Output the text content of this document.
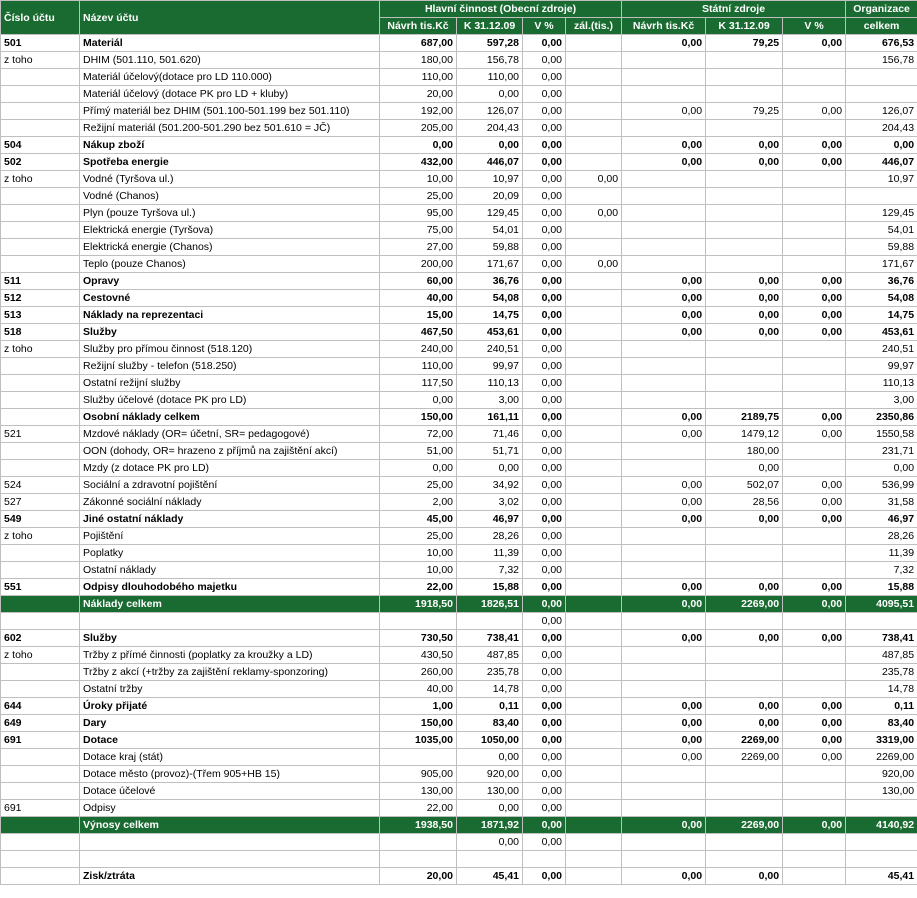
Číslo účtu	Název účtu	Hlavní činnost (Obecní zdroje)				Státní zdroje			Organizace
		Návrh tis.Kč	K 31.12.09	V %	zál.(tis.)	Návrh tis.Kč	K 31.12.09	V %	celkem
501	Materiál	687,00	597,28	0,00		0,00	79,25	0,00	676,53
z toho	DHIM (501.110, 501.620)	180,00	156,78	0,00					156,78
	Materiál účelový(dotace pro LD 110.000)	110,00	110,00	0,00					
	Materiál účelový (dotace PK pro LD + kluby)	20,00	0,00	0,00					
	Přímý materiál bez DHIM (501.100-501.199 bez 501.110)	192,00	126,07	0,00		0,00	79,25	0,00	126,07
	Režijní materiál (501.200-501.290 bez 501.610 = JČ)	205,00	204,43	0,00					204,43
504	Nákup zboží	0,00	0,00	0,00		0,00	0,00	0,00	0,00
502	Spotřeba energie	432,00	446,07	0,00		0,00	0,00	0,00	446,07
z toho	Vodné (Tyršova ul.)	10,00	10,97	0,00	0,00				10,97
	Vodné (Chanos)	25,00	20,09	0,00					
	Plyn (pouze Tyršova ul.)	95,00	129,45	0,00	0,00				129,45
	Elektrická energie (Tyršova)	75,00	54,01	0,00					54,01
	Elektrická energie (Chanos)	27,00	59,88	0,00					59,88
	Teplo (pouze Chanos)	200,00	171,67	0,00	0,00				171,67
511	Opravy	60,00	36,76	0,00		0,00	0,00	0,00	36,76
512	Cestovné	40,00	54,08	0,00		0,00	0,00	0,00	54,08
513	Náklady na reprezentaci	15,00	14,75	0,00		0,00	0,00	0,00	14,75
518	Služby	467,50	453,61	0,00		0,00	0,00	0,00	453,61
z toho	Služby pro přímou činnost (518.120)	240,00	240,51	0,00					240,51
	Režijní služby - telefon (518.250)	110,00	99,97	0,00					99,97
	Ostatní režijní služby	117,50	110,13	0,00					110,13
	Služby účelové (dotace PK pro LD)	0,00	3,00	0,00					3,00
	Osobní náklady celkem	150,00	161,11	0,00		0,00	2189,75	0,00	2350,86
521	Mzdové náklady (OR= účetní, SR= pedagogové)	72,00	71,46	0,00		0,00	1479,12	0,00	1550,58
	OON (dohody, OR= hrazeno z příjmů na zajištění akcí)	51,00	51,71	0,00			180,00		231,71
	Mzdy (z dotace PK pro LD)	0,00	0,00	0,00			0,00		0,00
524	Sociální a zdravotní pojištění	25,00	34,92	0,00		0,00	502,07	0,00	536,99
527	Zákonné sociální náklady	2,00	3,02	0,00		0,00	28,56	0,00	31,58
549	Jiné ostatní náklady	45,00	46,97	0,00		0,00	0,00	0,00	46,97
z toho	Pojištění	25,00	28,26	0,00					28,26
	Poplatky	10,00	11,39	0,00					11,39
	Ostatní náklady	10,00	7,32	0,00					7,32
551	Odpisy dlouhodobého majetku	22,00	15,88	0,00		0,00	0,00	0,00	15,88
	Náklady celkem	1918,50	1826,51	0,00		0,00	2269,00	0,00	4095,51
				0,00					
602	Služby	730,50	738,41	0,00		0,00	0,00	0,00	738,41
z toho	Tržby z přímé činnosti (poplatky za kroužky a LD)	430,50	487,85	0,00					487,85
	Tržby z akcí (+tržby za zajištění reklamy-sponzoring)	260,00	235,78	0,00					235,78
	Ostatní tržby	40,00	14,78	0,00					14,78
644	Úroky přijaté	1,00	0,11	0,00		0,00	0,00	0,00	0,11
649	Dary	150,00	83,40	0,00		0,00	0,00	0,00	83,40
691	Dotace	1035,00	1050,00	0,00		0,00	2269,00	0,00	3319,00
	Dotace kraj (stát)		0,00	0,00		0,00	2269,00	0,00	2269,00
	Dotace město (provoz)-(Třem 905+HB 15)	905,00	920,00	0,00					920,00
	Dotace účelové	130,00	130,00	0,00					130,00
691	Odpisy	22,00	0,00	0,00					
	Výnosy celkem	1938,50	1871,92	0,00		0,00	2269,00	0,00	4140,92
			0,00	0,00					

	Zisk/ztráta	20,00	45,41	0,00		0,00	0,00		45,41
